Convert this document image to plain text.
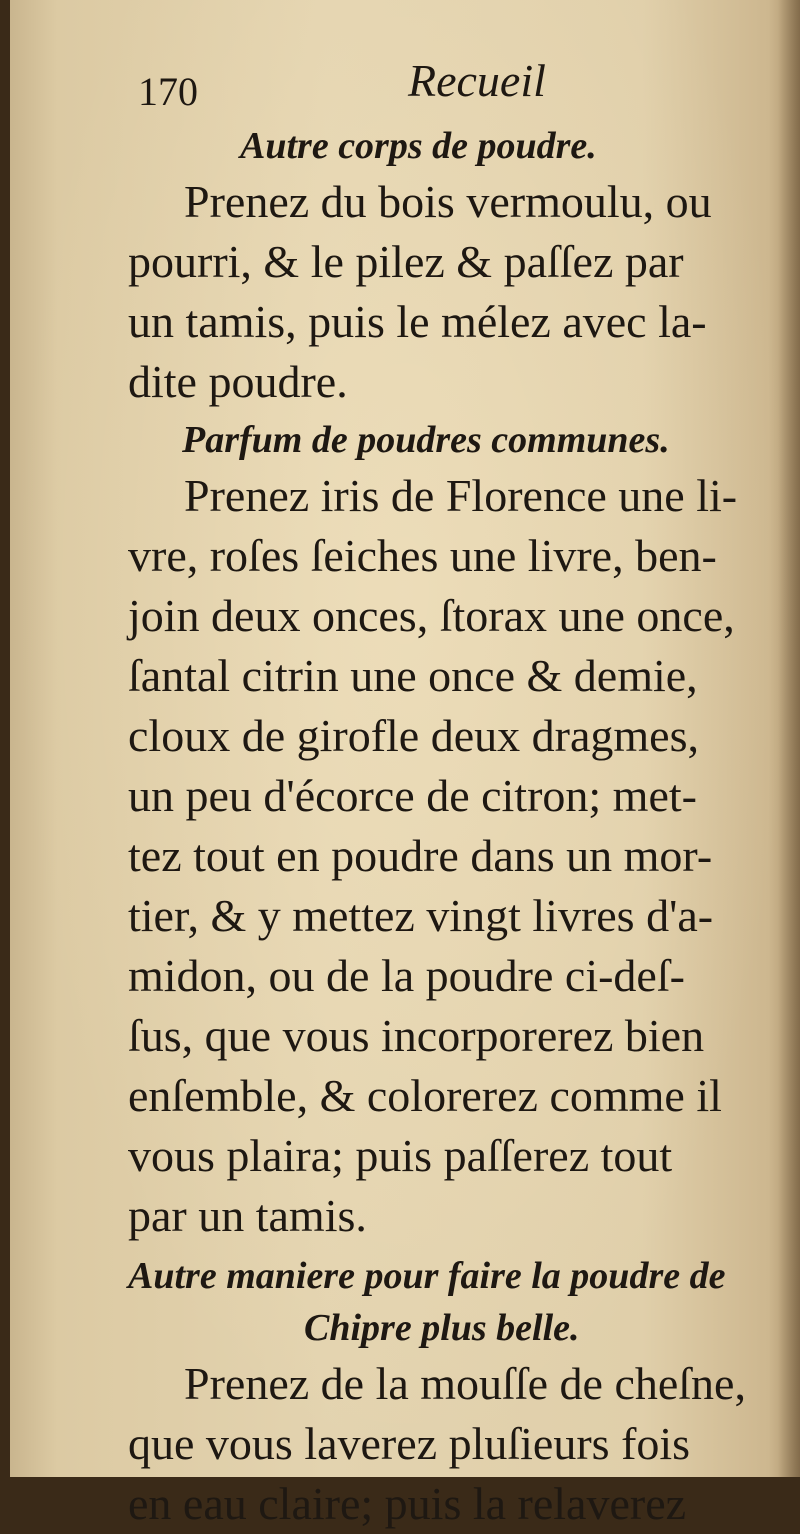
170	Recueil
Autre corps de poudre.
Prenez du bois vermoulu, ou
pourri, & le pilez & paſſez par
un tamis, puis le mélez avec la-
dite poudre.
Parfum de poudres communes.
Prenez iris de Florence une li-
vre, roſes ſeiches une livre, ben-
join deux onces, ſtorax une once,
ſantal citrin une once & demie,
cloux de girofle deux dragmes,
un peu d'écorce de citron; met-
tez tout en poudre dans un mor-
tier, & y mettez vingt livres d'a-
midon, ou de la poudre ci-deſ-
ſus, que vous incorporerez bien
enſemble, & colorerez comme il
vous plaira; puis paſſerez tout
par un tamis.
Autre maniere pour faire la poudre de
Chipre plus belle.
Prenez de la mouſſe de cheſne,
que vous laverez pluſieurs fois
en eau claire; puis la relaverez
